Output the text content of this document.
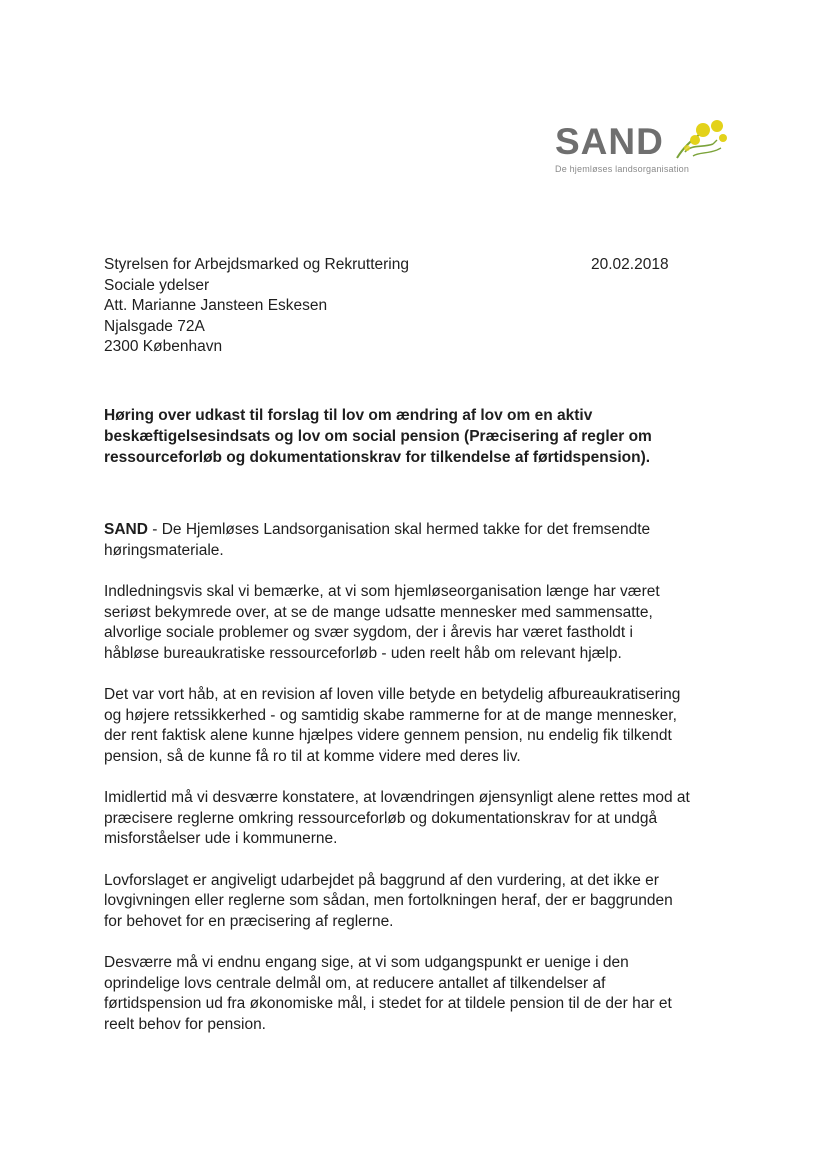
SAND
De hjemløses landsorganisation
Styrelsen for Arbejdsmarked og Rekruttering
Sociale ydelser
Att. Marianne Jansteen Eskesen
Njalsgade 72A
2300 København
20.02.2018
Høring over udkast til forslag til lov om ændring af lov om en aktiv
beskæftigelsesindsats og lov om social pension (Præcisering af regler om
ressourceforløb og dokumentationskrav for tilkendelse af førtidspension).
SAND - De Hjemløses Landsorganisation skal hermed takke for det fremsendte
høringsmateriale.
Indledningsvis skal vi bemærke, at vi som hjemløseorganisation længe har været
seriøst bekymrede over, at se de mange udsatte mennesker med sammensatte,
alvorlige sociale problemer og svær sygdom, der i årevis har været fastholdt i
håbløse bureaukratiske ressourceforløb - uden reelt håb om relevant hjælp.
Det var vort håb, at en revision af loven ville betyde en betydelig afbureaukratisering
og højere retssikkerhed - og samtidig skabe rammerne for at de mange mennesker,
der rent faktisk alene kunne hjælpes videre gennem pension, nu endelig fik tilkendt
pension, så de kunne få ro til at komme videre med deres liv.
Imidlertid må vi desværre konstatere, at lovændringen øjensynligt alene rettes mod at
præcisere reglerne omkring ressourceforløb og dokumentationskrav for at undgå
misforståelser ude i kommunerne.
Lovforslaget er angiveligt udarbejdet på baggrund af den vurdering, at det ikke er
lovgivningen eller reglerne som sådan, men fortolkningen heraf, der er baggrunden
for behovet for en præcisering af reglerne.
Desværre må vi endnu engang sige, at vi som udgangspunkt er uenige i den
oprindelige lovs centrale delmål om, at reducere antallet af tilkendelser af
førtidspension ud fra økonomiske mål, i stedet for at tildele pension til de der har et
reelt behov for pension.
